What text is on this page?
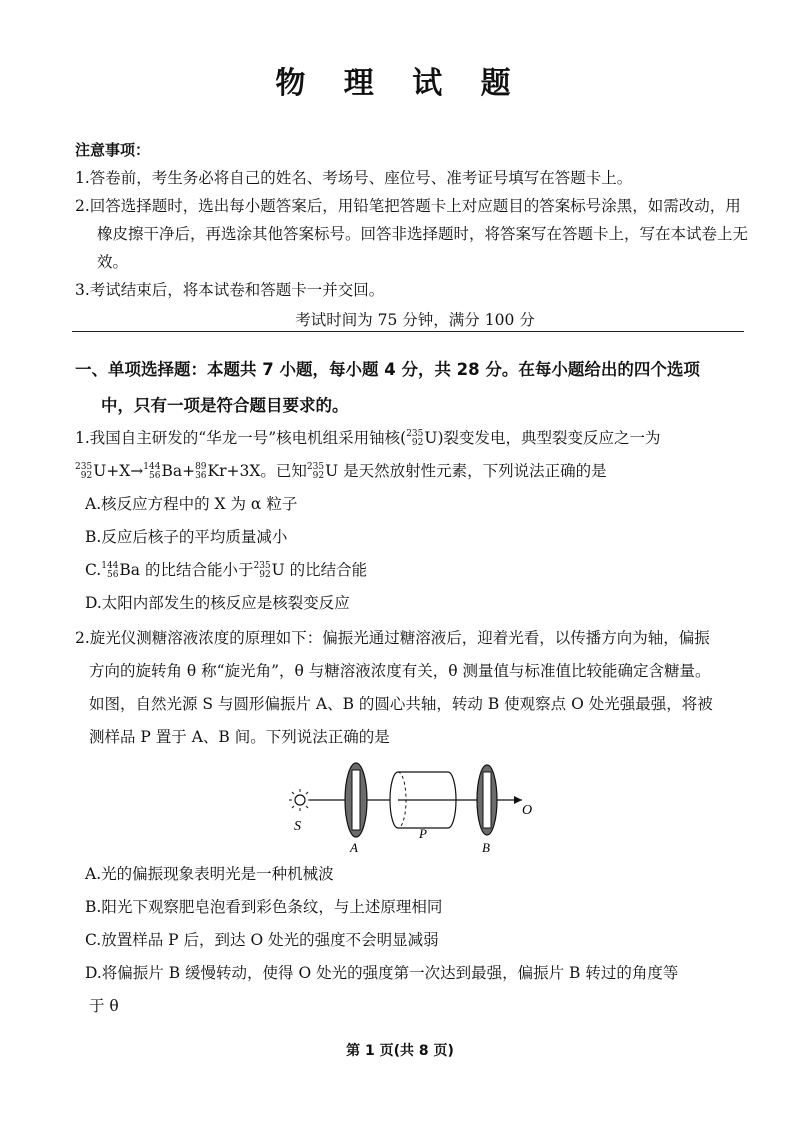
物 理 试 题
注意事项：
1.答卷前，考生务必将自己的姓名、考场号、座位号、准考证号填写在答题卡上。
2.回答选择题时，选出每小题答案后，用铅笔把答题卡上对应题目的答案标号涂黑，如需改动，用橡皮擦干净后，再选涂其他答案标号。回答非选择题时，将答案写在答题卡上，写在本试卷上无效。
3.考试结束后，将本试卷和答题卡一并交回。
考试时间为 75 分钟，满分 100 分
一、单项选择题：本题共 7 小题，每小题 4 分，共 28 分。在每小题给出的四个选项
中，只有一项是符合题目要求的。
1.我国自主研发的“华龙一号”核电机组采用铀核( 235
92 U)裂变发电，典型裂变反应之一为
235
92 U+X→ 144
56 Ba+ 89
36 Kr+3X。已知 235
92 U 是天然放射性元素，下列说法正确的是
A.核反应方程中的 X 为 α 粒子
B.反应后核子的平均质量减小
C. 144
56 Ba 的比结合能小于 235
92 U 的比结合能
D.太阳内部发生的核反应是核裂变反应
2.旋光仪测糖溶液浓度的原理如下：偏振光通过糖溶液后，迎着光看，以传播方向为轴，偏振
方向的旋转角 θ 称“旋光角”，θ 与糖溶液浓度有关，θ 测量值与标准值比较能确定含糖量。
如图，自然光源 S 与圆形偏振片 A、B 的圆心共轴，转动 B 使观察点 O 处光强最强，将被
测样品 P 置于 A、B 间。下列说法正确的是
S
A
P
B
O
A.光的偏振现象表明光是一种机械波
B.阳光下观察肥皂泡看到彩色条纹，与上述原理相同
C.放置样品 P 后，到达 O 处光的强度不会明显减弱
D.将偏振片 B 缓慢转动，使得 O 处光的强度第一次达到最强，偏振片 B 转过的角度等
于 θ
第 1 页(共 8 页)
